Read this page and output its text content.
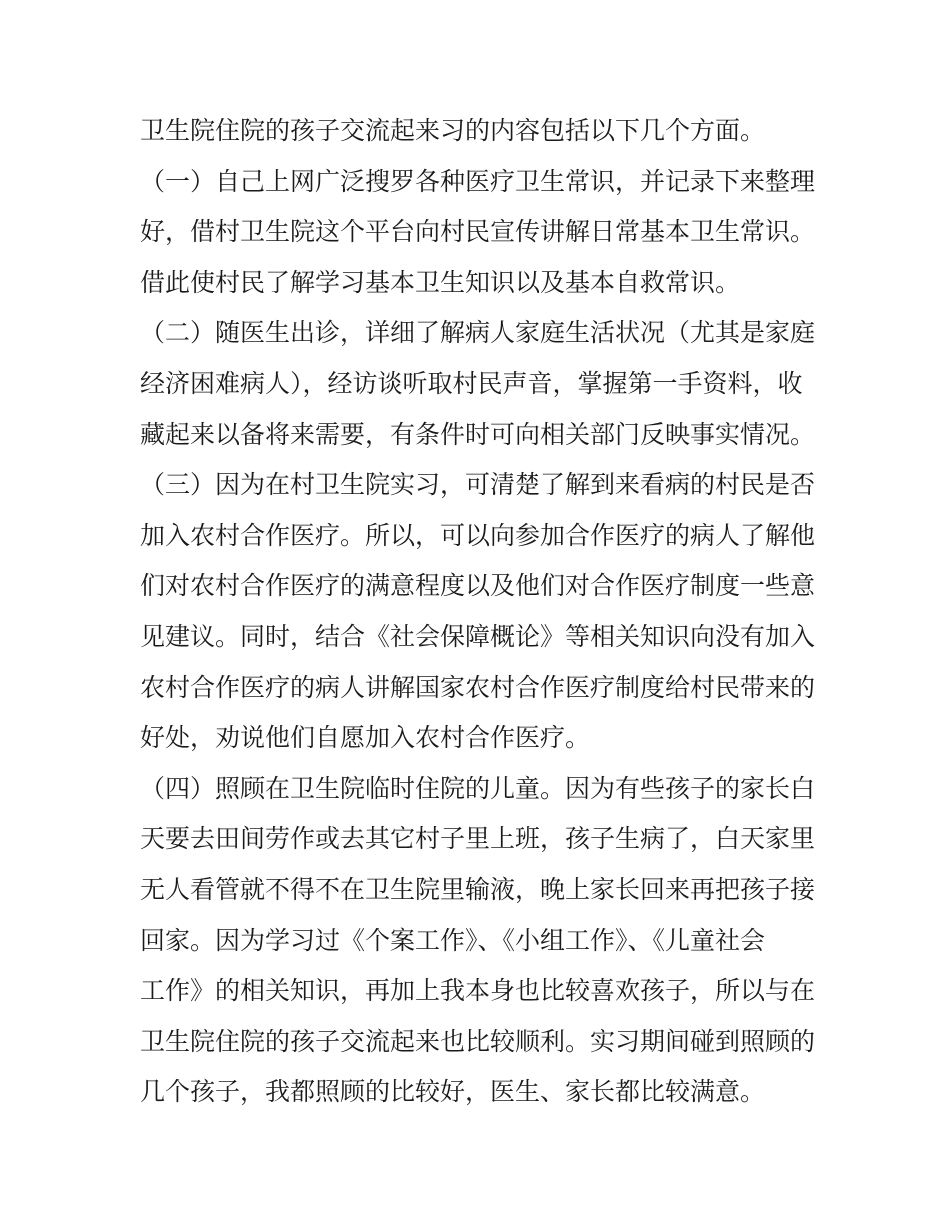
卫生院住院的孩子交流起来习的内容包括以下几个方面。
（一）自己上网广泛搜罗各种医疗卫生常识，并记录下来整理
好，借村卫生院这个平台向村民宣传讲解日常基本卫生常识。
借此使村民了解学习基本卫生知识以及基本自救常识。
（二）随医生出诊，详细了解病人家庭生活状况（尤其是家庭
经济困难病人），经访谈听取村民声音，掌握第一手资料，收
藏起来以备将来需要，有条件时可向相关部门反映事实情况。
（三）因为在村卫生院实习，可清楚了解到来看病的村民是否
加入农村合作医疗。所以，可以向参加合作医疗的病人了解他
们对农村合作医疗的满意程度以及他们对合作医疗制度一些意
见建议。同时，结合《社会保障概论》等相关知识向没有加入
农村合作医疗的病人讲解国家农村合作医疗制度给村民带来的
好处，劝说他们自愿加入农村合作医疗。
（四）照顾在卫生院临时住院的儿童。因为有些孩子的家长白
天要去田间劳作或去其它村子里上班，孩子生病了，白天家里
无人看管就不得不在卫生院里输液，晚上家长回来再把孩子接
回家。因为学习过《个案工作》、《小组工作》、《儿童社会
工作》的相关知识，再加上我本身也比较喜欢孩子，所以与在
卫生院住院的孩子交流起来也比较顺利。实习期间碰到照顾的
几个孩子，我都照顾的比较好，医生、家长都比较满意。
